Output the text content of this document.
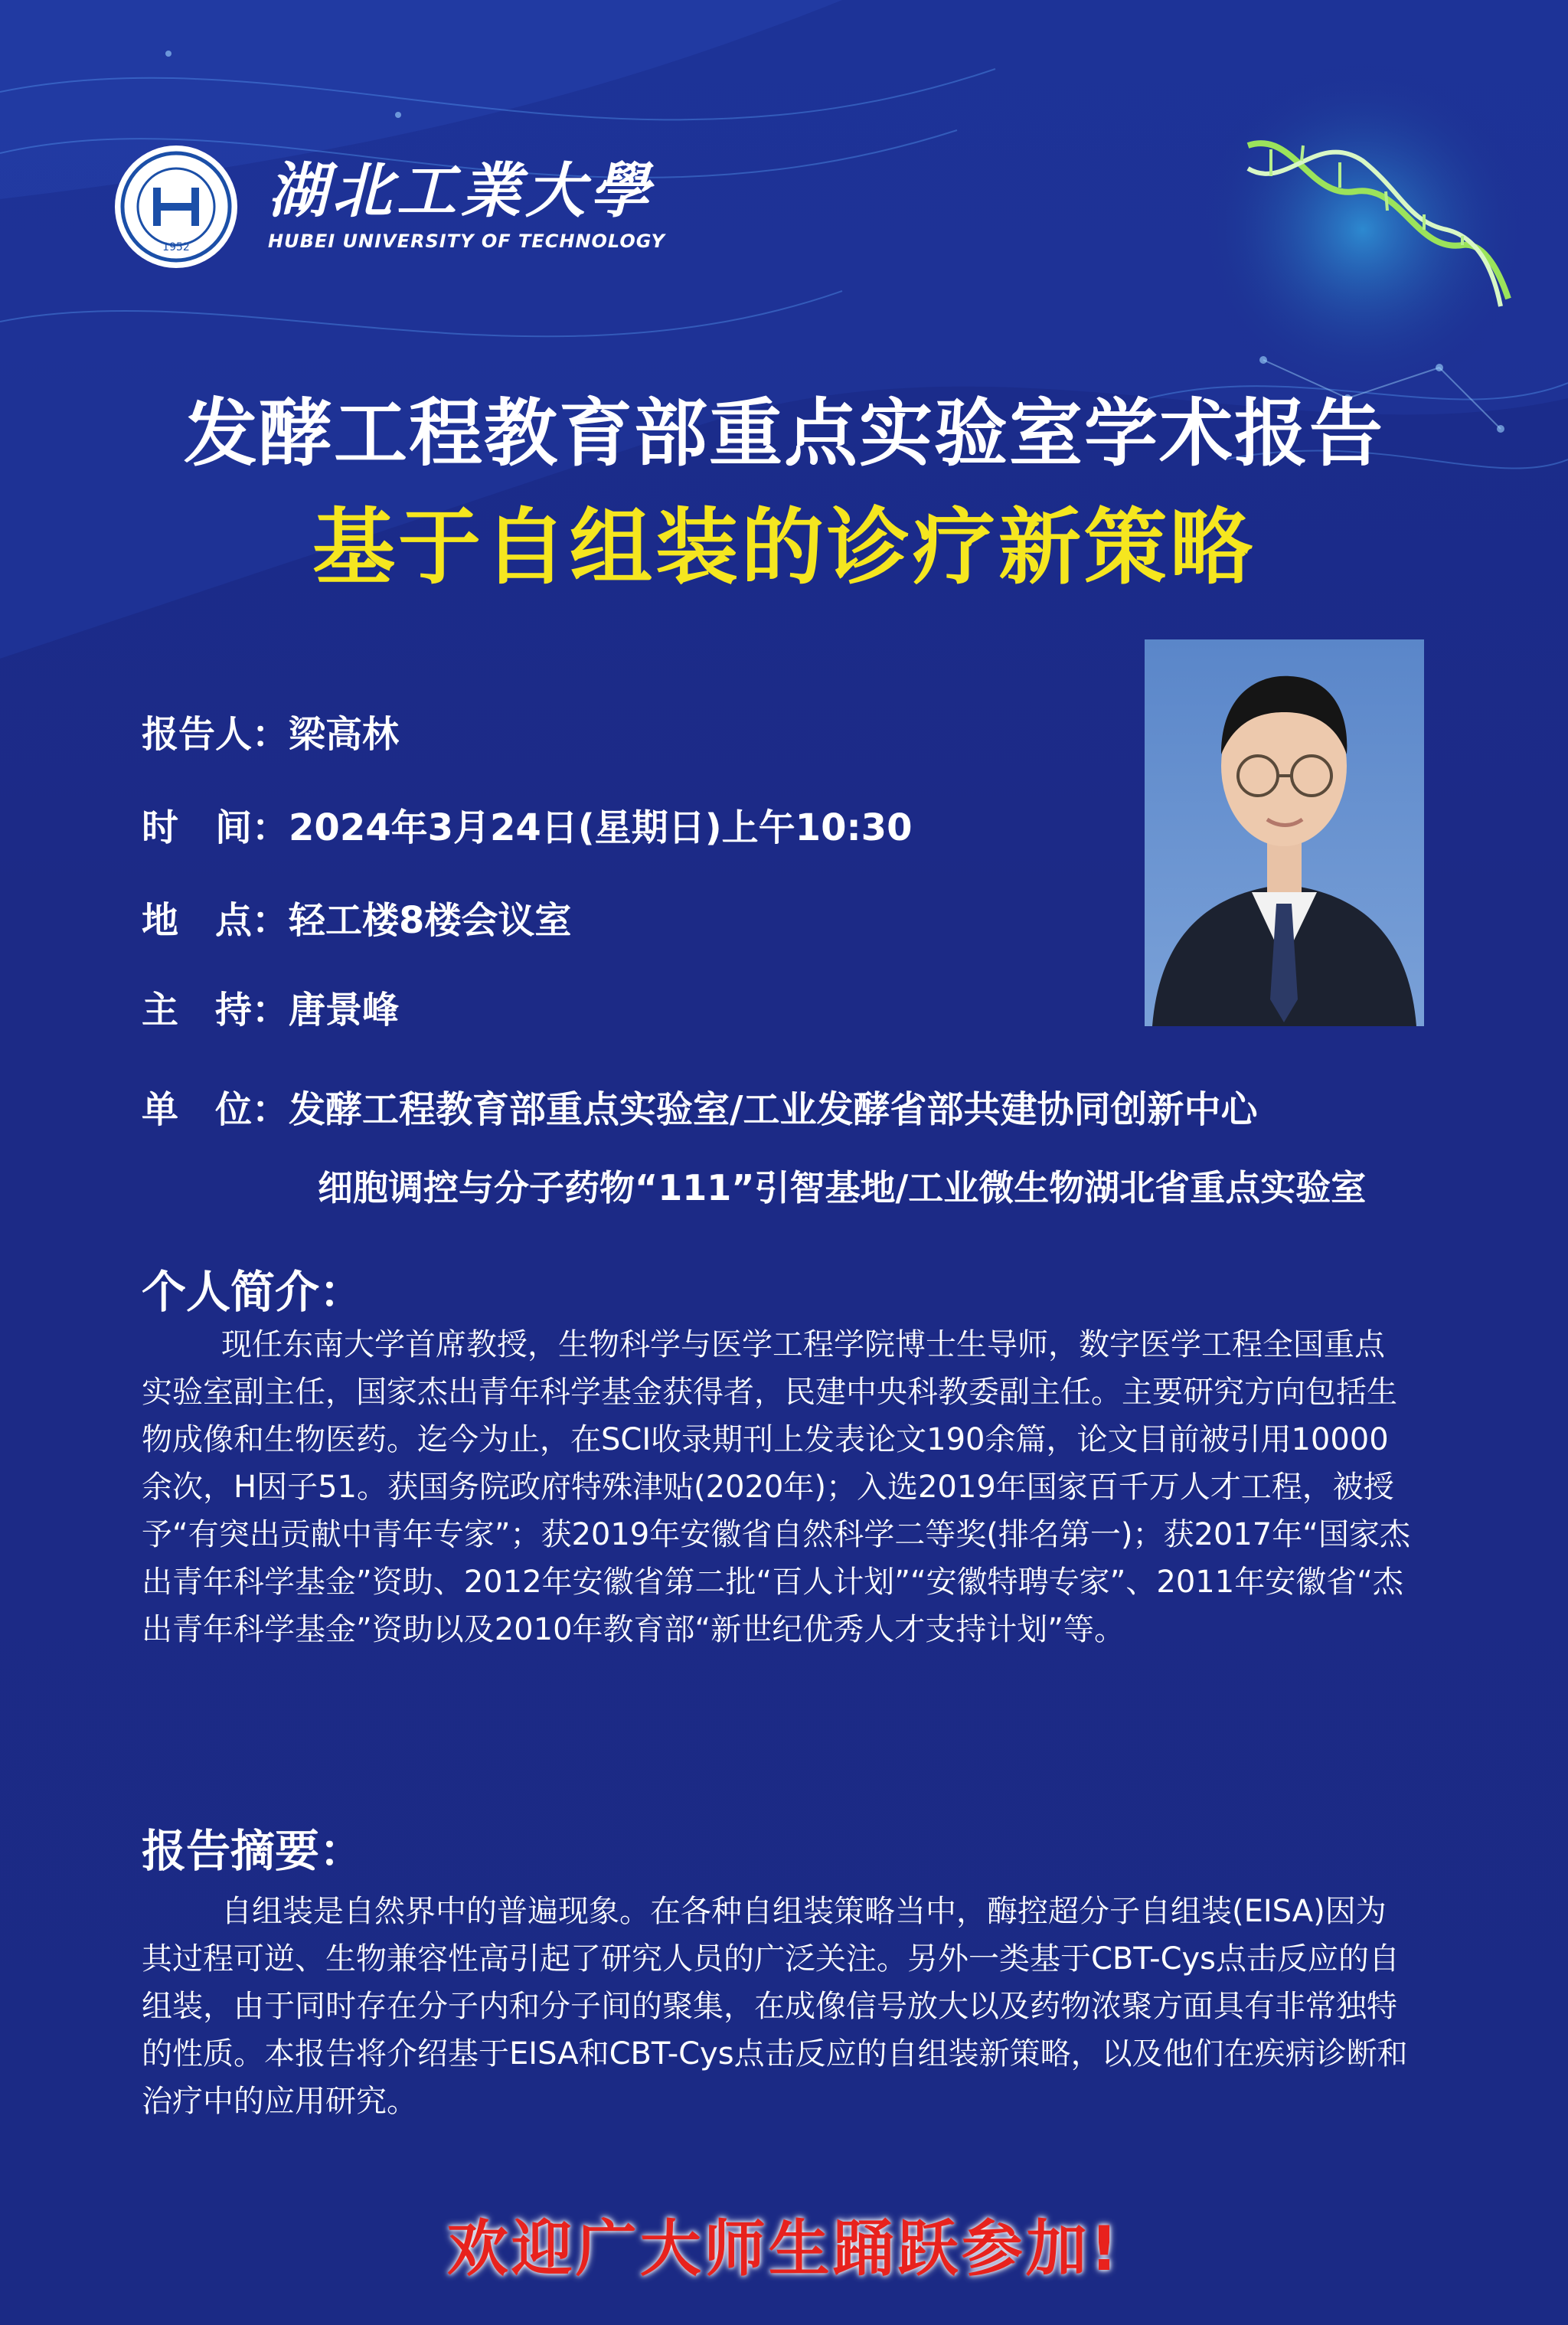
1952
湖北工業大學
HUBEI UNIVERSITY OF TECHNOLOGY
发酵工程教育部重点实验室学术报告
基于自组装的诊疗新策略
报告人：梁高林
时　间：2024年3月24日(星期日)上午10:30
地　点：轻工楼8楼会议室
主　持：唐景峰
单　位：发酵工程教育部重点实验室/工业发酵省部共建协同创新中心
细胞调控与分子药物“111”引智基地/工业微生物湖北省重点实验室
个人简介：
现任东南大学首席教授，生物科学与医学工程学院博士生导师，数字医学工程全国重点实验室副主任，国家杰出青年科学基金获得者，民建中央科教委副主任。主要研究方向包括生物成像和生物医药。迄今为止，在SCI收录期刊上发表论文190余篇，论文目前被引用10000余次，H因子51。获国务院政府特殊津贴(2020年)；入选2019年国家百千万人才工程，被授予“有突出贡献中青年专家”；获2019年安徽省自然科学二等奖(排名第一)；获2017年“国家杰出青年科学基金”资助、2012年安徽省第二批“百人计划”“安徽特聘专家”、2011年安徽省“杰出青年科学基金”资助以及2010年教育部“新世纪优秀人才支持计划”等。
报告摘要：
自组装是自然界中的普遍现象。在各种自组装策略当中，酶控超分子自组装(EISA)因为其过程可逆、生物兼容性高引起了研究人员的广泛关注。另外一类基于CBT-Cys点击反应的自组装，由于同时存在分子内和分子间的聚集，在成像信号放大以及药物浓聚方面具有非常独特的性质。本报告将介绍基于EISA和CBT-Cys点击反应的自组装新策略，以及他们在疾病诊断和治疗中的应用研究。
欢迎广大师生踊跃参加!
